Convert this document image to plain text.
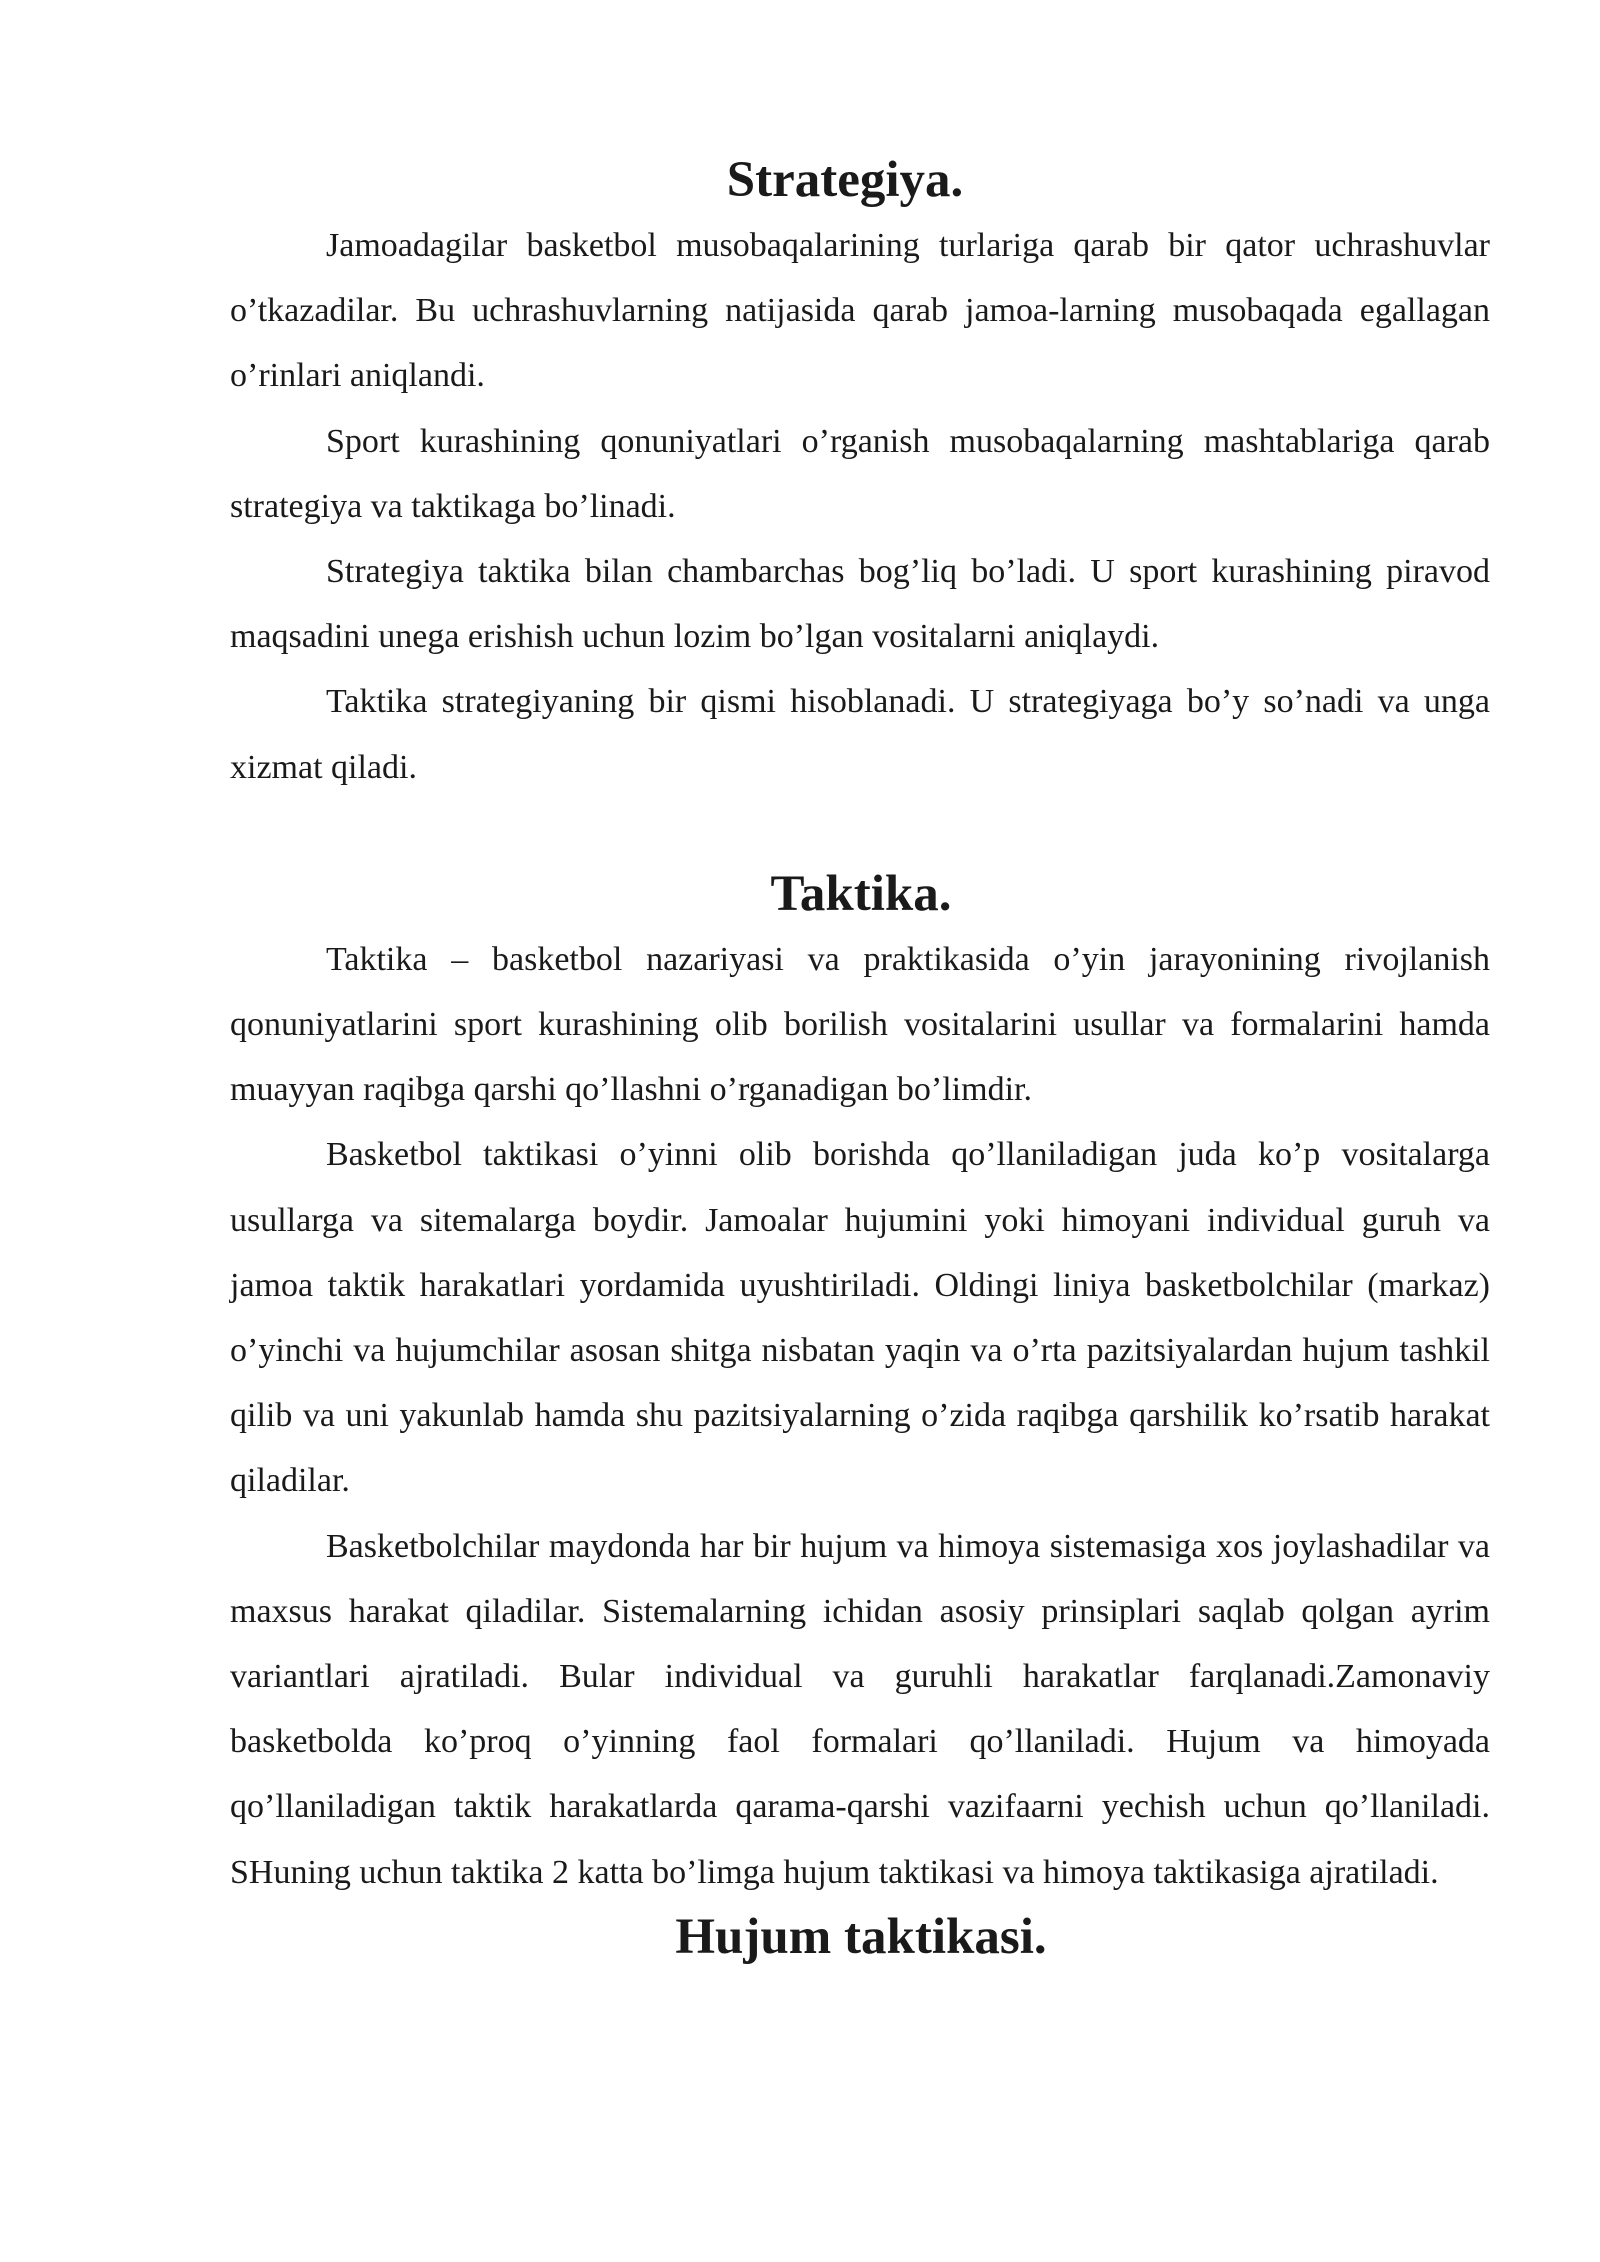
Strategiya.

Jamoadagilar basketbol musobaqalarining turlariga qarab bir qator uchrashuvlar o’tkazadilar. Bu uchrashuvlarning natijasida qarab jamoa-larning musobaqada egallagan o’rinlari aniqlandi.

Sport kurashining qonuniyatlari o’rganish musobaqalarning mashtablariga qarab strategiya va taktikaga bo’linadi.

Strategiya taktika bilan chambarchas bog’liq bo’ladi. U sport kurashining piravod maqsadini unega erishish uchun lozim bo’lgan vositalarni aniqlaydi.

Taktika strategiyaning bir qismi hisoblanadi. U strategiyaga bo’y so’nadi va unga xizmat qiladi.

Taktika.

Taktika – basketbol nazariyasi va praktikasida o’yin jarayonining rivojlanish qonuniyatlarini sport kurashining olib borilish vositalarini usullar va formalarini hamda muayyan raqibga qarshi qo’llashni o’rganadigan bo’limdir.

Basketbol taktikasi o’yinni olib borishda qo’llaniladigan juda ko’p vositalarga usullarga va sitemalarga boydir. Jamoalar hujumini yoki himoyani individual guruh va jamoa taktik harakatlari yordamida uyushtiriladi. Oldingi liniya basketbolchilar (markaz) o’yinchi va hujumchilar asosan shitga nisbatan yaqin va o’rta pazitsiyalardan hujum tashkil qilib va uni yakunlab hamda shu pazitsiyalarning o’zida raqibga qarshilik ko’rsatib harakat qiladilar.

Basketbolchilar maydonda har bir hujum va himoya sistemasiga xos joylashadilar va maxsus harakat qiladilar. Sistemalarning ichidan asosiy prinsiplari saqlab qolgan ayrim variantlari ajratiladi. Bular individual va guruhli harakatlar farqlanadi.Zamonaviy basketbolda ko’proq o’yinning faol formalari qo’llaniladi. Hujum va himoyada qo’llaniladigan taktik harakatlarda qarama-qarshi vazifaarni yechish uchun qo’llaniladi. SHuning uchun taktika 2 katta bo’limga hujum taktikasi va himoya taktikasiga ajratiladi.

Hujum taktikasi.
